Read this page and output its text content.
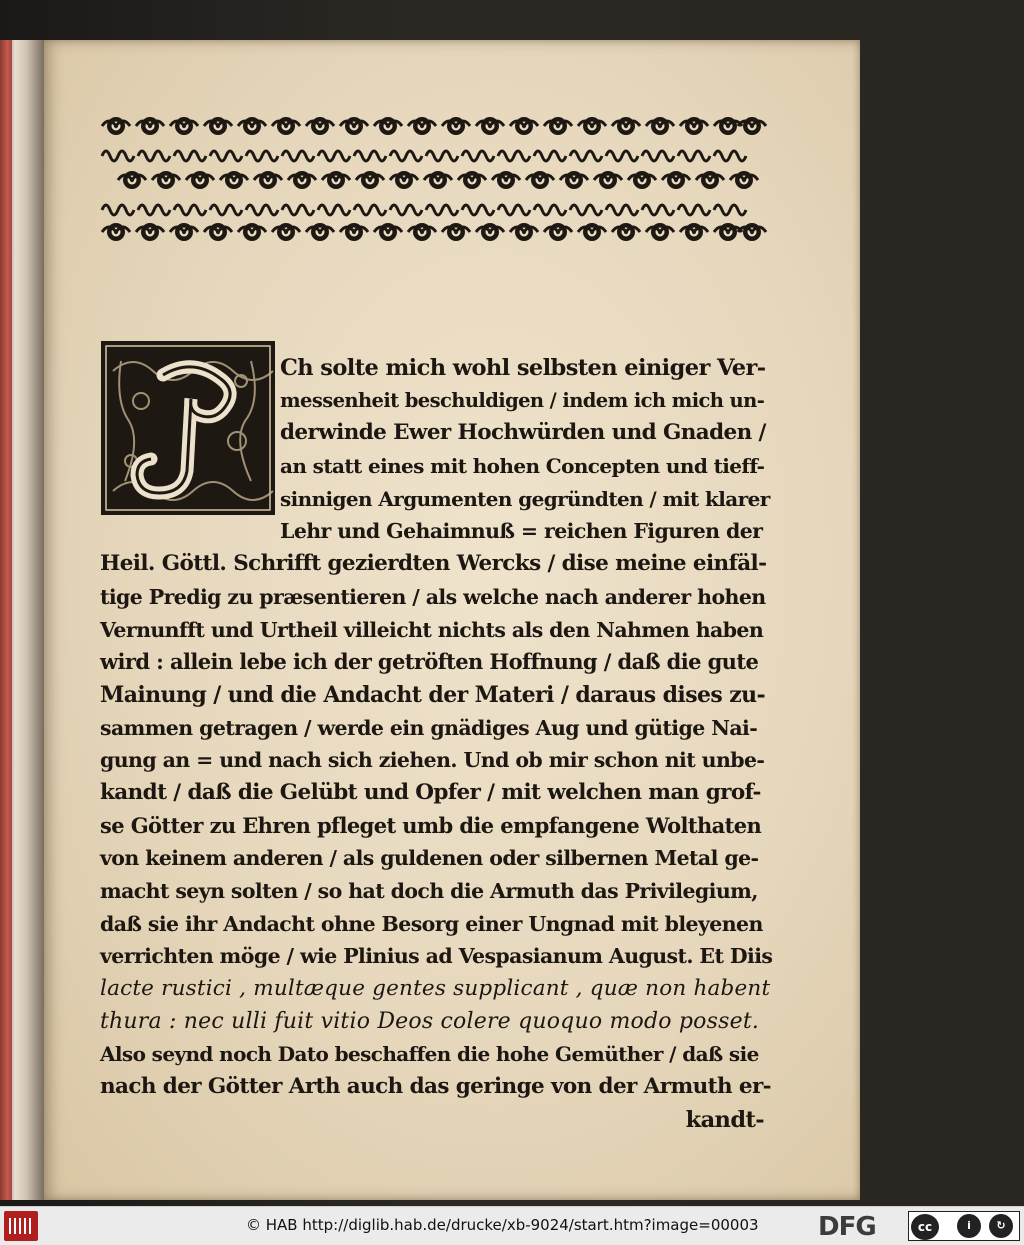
Ch solte mich wohl selbsten einiger Ver-
messenheit beschuldigen / indem ich mich un-
derwinde Ewer Hochwürden und Gnaden /
an statt eines mit hohen Concepten und tieff-
sinnigen Argumenten gegründten / mit klarer
Lehr und Gehaimnuß = reichen Figuren der
Heil. Göttl. Schrifft gezierdten Wercks / dise meine einfäl-
tige Predig zu præsentieren / als welche nach anderer hohen
Vernunfft und Urtheil villeicht nichts als den Nahmen haben
wird : allein lebe ich der getröften Hoffnung / daß die gute
Mainung / und die Andacht der Materi / daraus dises zu-
sammen getragen / werde ein gnädiges Aug und gütige Nai-
gung an = und nach sich ziehen. Und ob mir schon nit unbe-
kandt / daß die Gelübt und Opfer / mit welchen man grof-
se Götter zu Ehren pfleget umb die empfangene Wolthaten
von keinem anderen / als guldenen oder silbernen Metal ge-
macht seyn solten / so hat doch die Armuth das Privilegium,
daß sie ihr Andacht ohne Besorg einer Ungnad mit bleyenen
verrichten möge / wie Plinius ad Vespasianum August. Et Diis
lacte rustici , multæque gentes supplicant , quæ non habent
thura : nec ulli fuit vitio Deos colere quoquo modo posset.
Also seynd noch Dato beschaffen die hohe Gemüther / daß sie
nach der Götter Arth auch das geringe von der Armuth er-
kandt-
© HAB http://diglib.hab.de/drucke/xb-9024/start.htm?image=00003 DFG	cc	i	↻
BY	SA
